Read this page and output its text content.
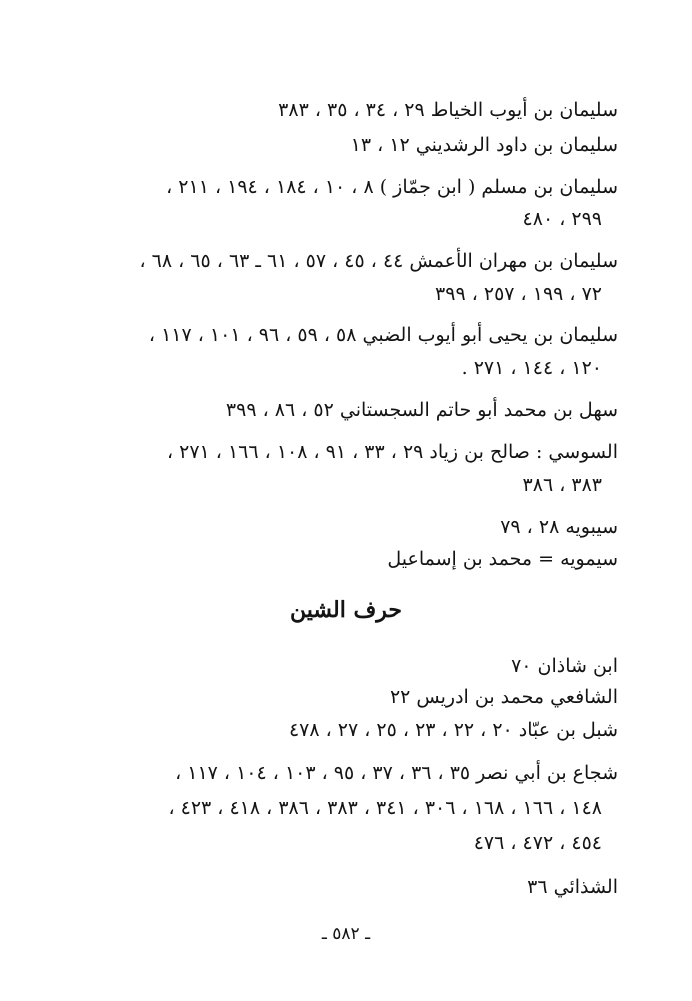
سليمان بن أيوب الخياط ٢٩ ، ٣٤ ، ٣٥ ، ٣٨٣
سليمان بن داود الرشديني ١٢ ، ١٣
سليمان بن مسلم ( ابن جمّاز ) ٨ ، ١٠ ، ١٨٤ ، ١٩٤ ، ٢١١ ،
٢٩٩ ، ٤٨٠
سليمان بن مهران الأعمش ٤٤ ، ٤٥ ، ٥٧ ، ٦١ ـ ٦٣ ، ٦٥ ، ٦٨ ،
٧٢ ، ١٩٩ ، ٢٥٧ ، ٣٩٩
سليمان بن يحيى أبو أيوب الضبي ٥٨ ، ٥٩ ، ٩٦ ، ١٠١ ، ١١٧ ،
١٢٠ ، ١٤٤ ، ٢٧١ .
سهل بن محمد أبو حاتم السجستاني ٥٢ ، ٨٦ ، ٣٩٩
السوسي : صالح بن زياد ٢٩ ، ٣٣ ، ٩١ ، ١٠٨ ، ١٦٦ ، ٢٧١ ،
٣٨٣ ، ٣٨٦
سيبويه ٢٨ ، ٧٩
سيمويه = محمد بن إسماعيل
حرف الشين
ابن شاذان ٧٠
الشافعي محمد بن ادريس ٢٢
شبل بن عبّاد ٢٠ ، ٢٢ ، ٢٣ ، ٢٥ ، ٢٧ ، ٤٧٨
شجاع بن أبي نصر ٣٥ ، ٣٦ ، ٣٧ ، ٩٥ ، ١٠٣ ، ١٠٤ ، ١١٧ ،
١٤٨ ، ١٦٦ ، ١٦٨ ، ٣٠٦ ، ٣٤١ ، ٣٨٣ ، ٣٨٦ ، ٤١٨ ، ٤٢٣ ،
٤٥٤ ، ٤٧٢ ، ٤٧٦
الشذائي ٣٦
ـ ٥٨٢ ـ
